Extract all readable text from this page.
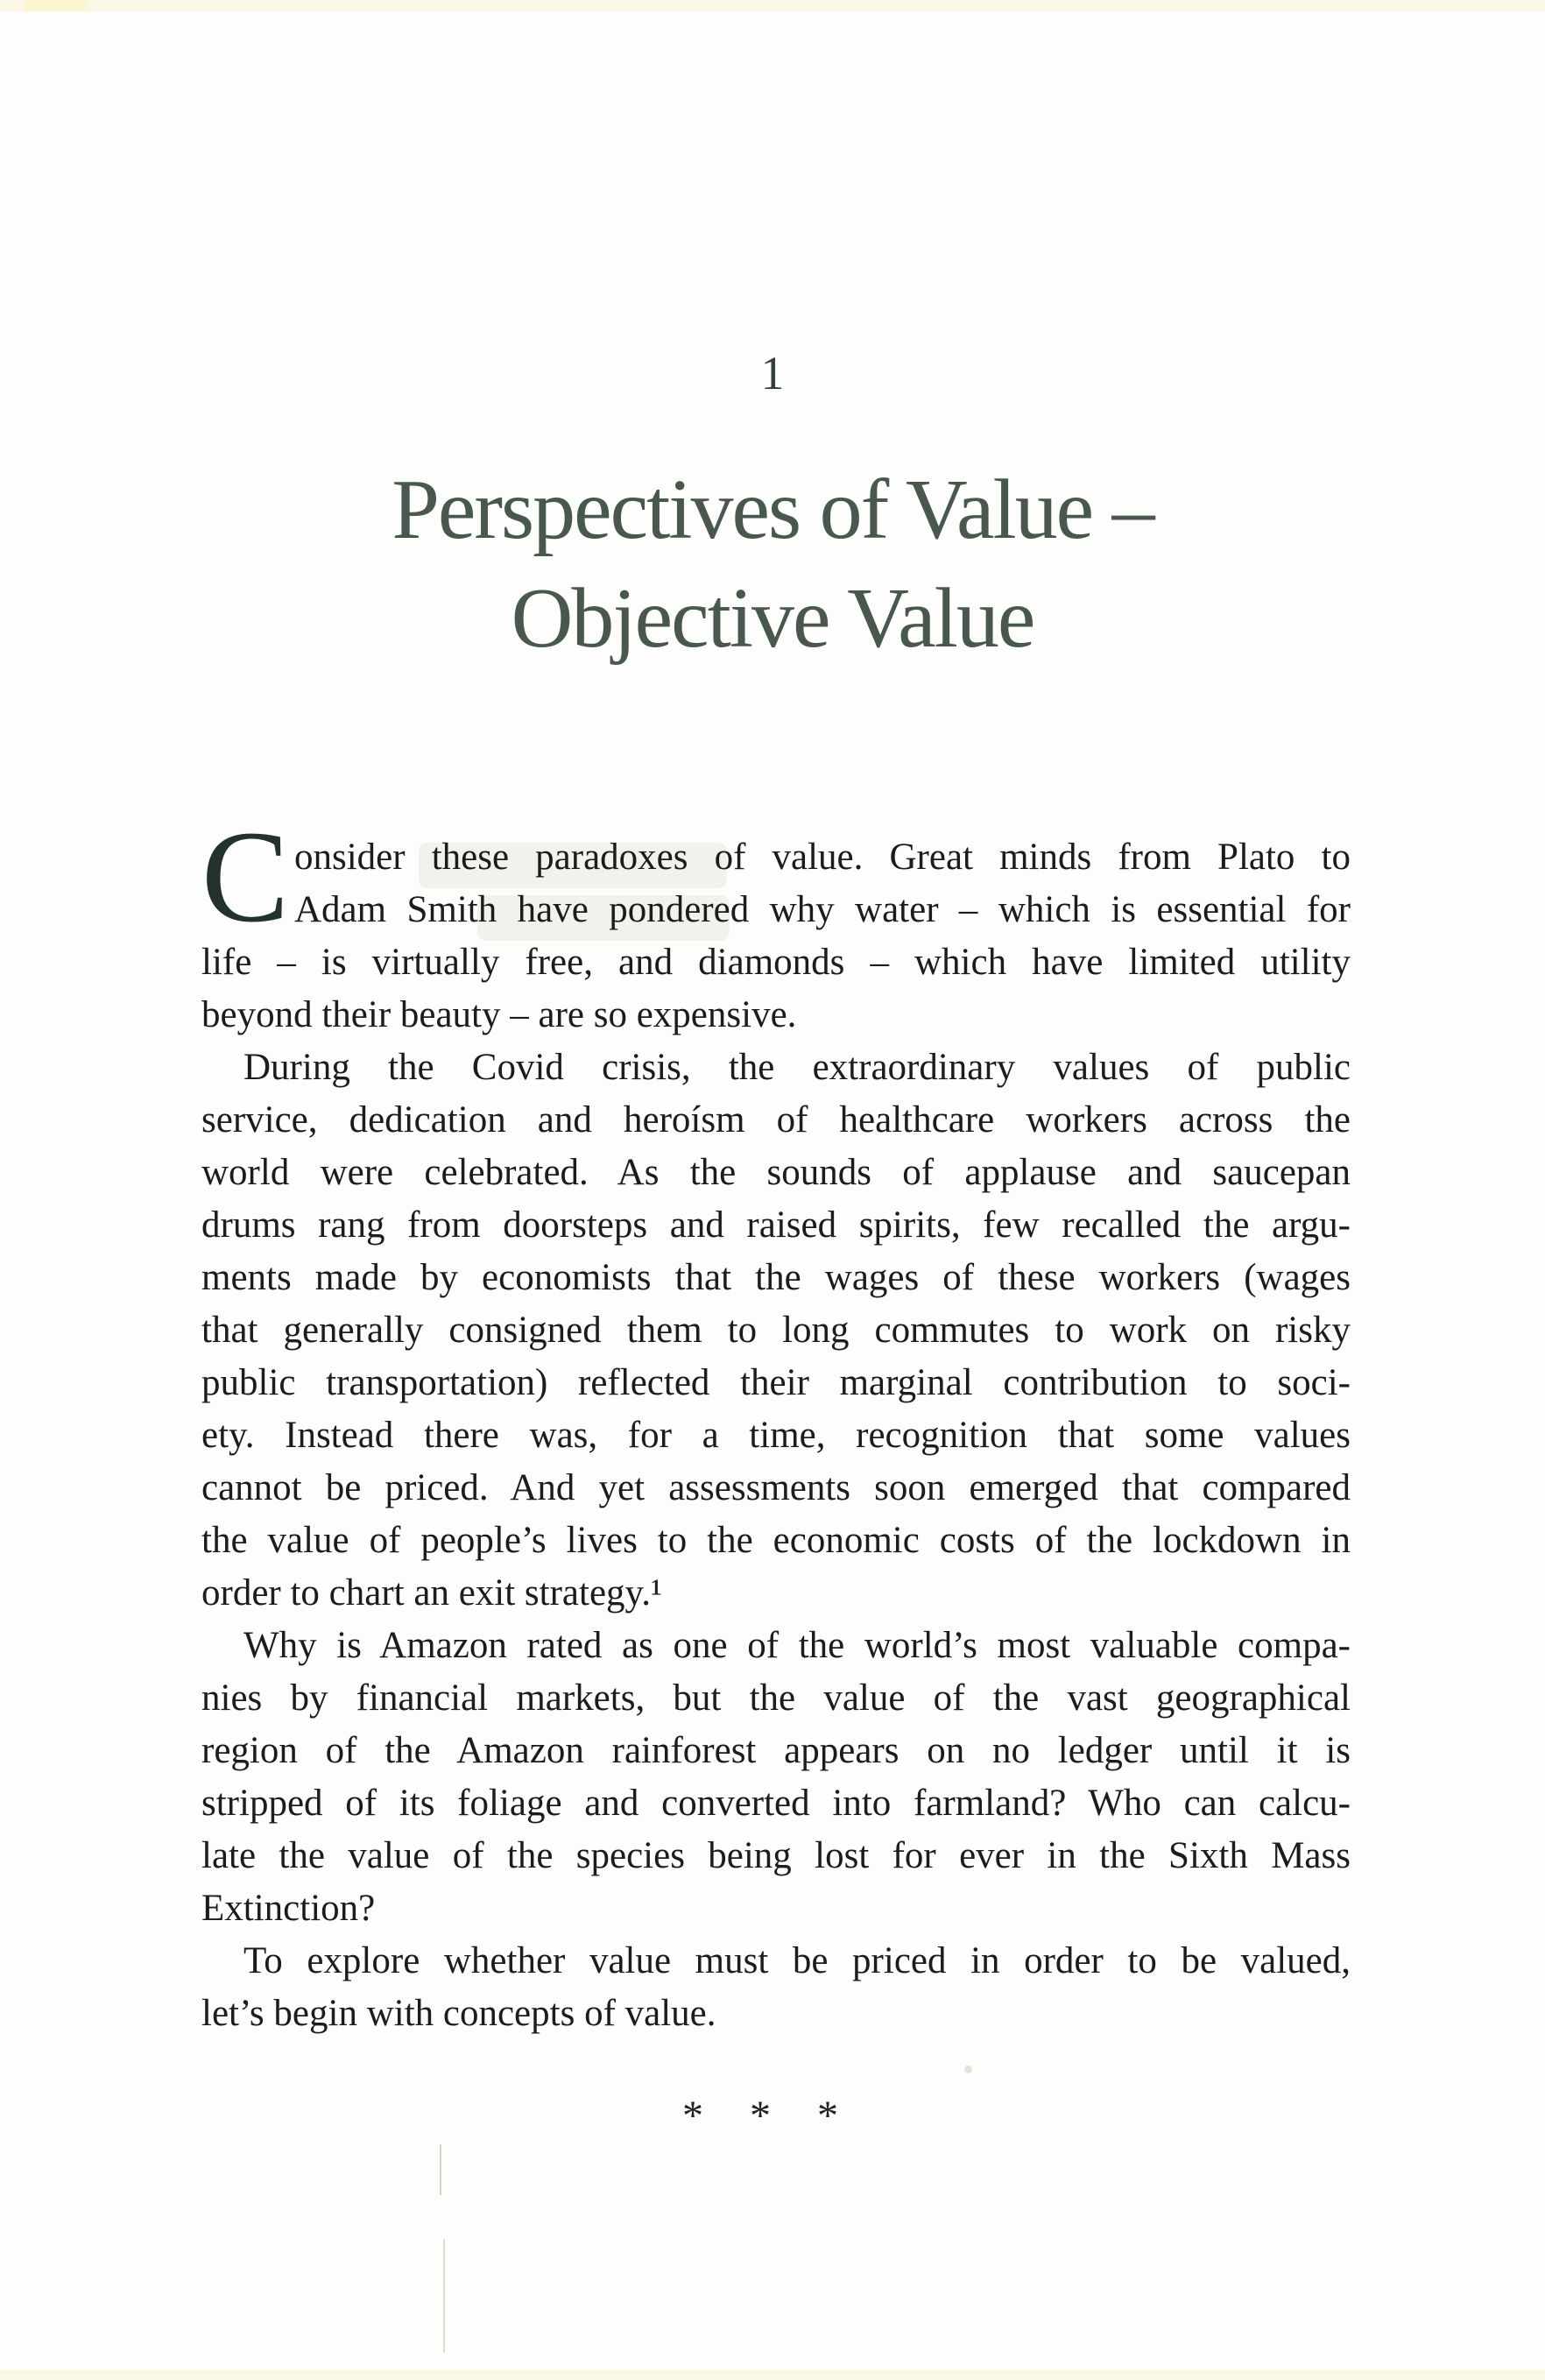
1
Perspectives of Value –
Objective Value
C onsider these paradoxes of value. Great minds from Plato to
Adam Smith have pondered why water – which is essential for
life – is virtually free, and diamonds – which have limited utility
beyond their beauty – are so expensive.
During the Covid crisis, the extraordinary values of public
service, dedication and heroísm of healthcare workers across the
world were celebrated. As the sounds of applause and saucepan
drums rang from doorsteps and raised spirits, few recalled the argu-
ments made by economists that the wages of these workers (wages
that generally consigned them to long commutes to work on risky
public transportation) reflected their marginal contribution to soci-
ety. Instead there was, for a time, recognition that some values
cannot be priced. And yet assessments soon emerged that compared
the value of people’s lives to the economic costs of the lockdown in
order to chart an exit strategy.¹
Why is Amazon rated as one of the world’s most valuable compa-
nies by financial markets, but the value of the vast geographical
region of the Amazon rainforest appears on no ledger until it is
stripped of its foliage and converted into farmland? Who can calcu-
late the value of the species being lost for ever in the Sixth Mass
Extinction?
To explore whether value must be priced in order to be valued,
let’s begin with concepts of value.
* * *
